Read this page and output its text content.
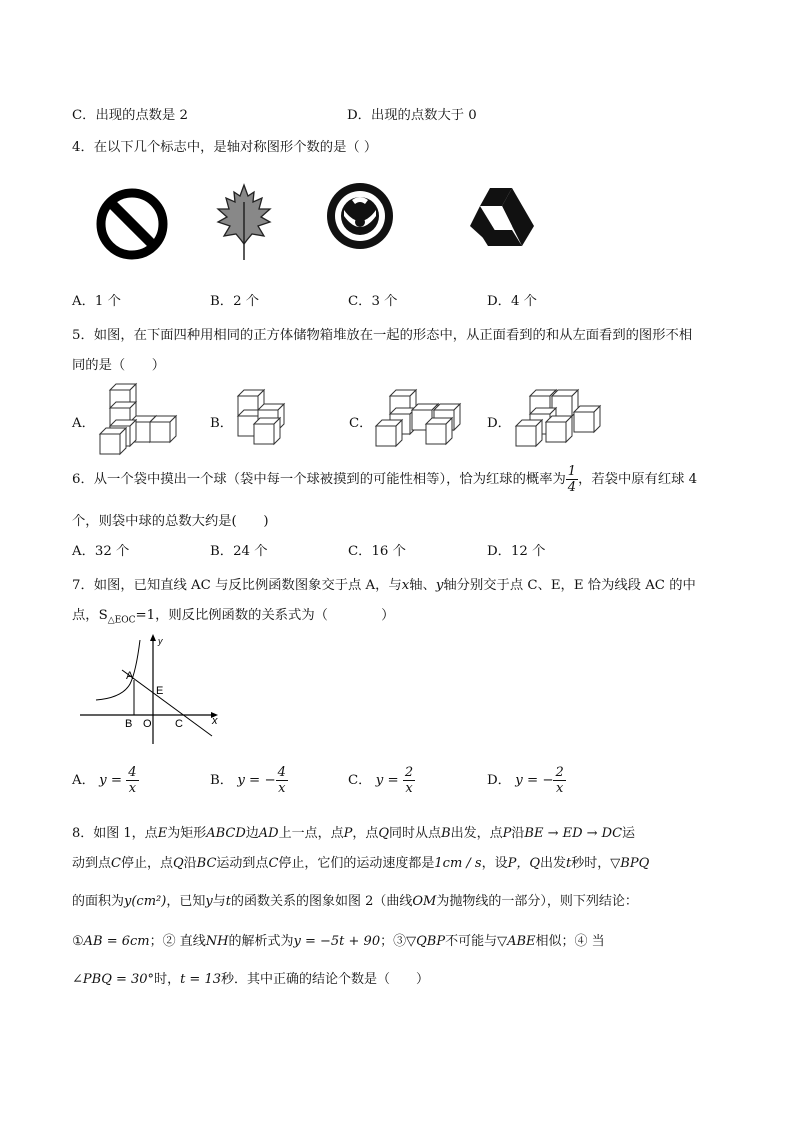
C．出现的点数是 2	D．出现的点数大于 0
4．在以下几个标志中，是轴对称图形个数的是（ ）
A．1 个	B．2 个	C．3 个	D．4 个
5．如图，在下面四种用相同的正方体储物箱堆放在一起的形态中，从正面看到的和从左面看到的图形不相
同的是（　　）
A．	B．	C．	D．
6．从一个袋中摸出一个球（袋中每一个球被摸到的可能性相等），恰为红球的概率为 $\frac{1}{4}$ ，若袋中原有红球 4
个，则袋中球的总数大约是(　　)
A．32 个	B．24 个	C．16 个	D．12 个
7．如图，已知直线 AC 与反比例函数图象交于点 A，与x轴、y轴分别交于点 C、E，E 恰为线段 AC 的中
点，$S_{\triangle EOC}=1$，则反比例函数的关系式为（　　　　）
A
E
B O C	x
y
A． $y = \frac{4}{x}$	B． y = − $\frac{4}{x}$	C． $y = \frac{2}{x}$	D． y = − $\frac{2}{x}$
8．如图 1，点E为矩形ABCD边AD上一点，点P，点Q同时从点B出发，点P沿BE → ED → DC运
动到点C停止，点Q沿BC运动到点C停止，它们的运动速度都是1cm / s，设P，Q出发t秒时，▽BPQ
的面积为y(cm²)，已知y与t的函数关系的图象如图 2（曲线OM为抛物线的一部分），则下列结论：
①AB = 6cm；② 直线NH的解析式为y = −5t + 90；③▽QBP不可能与▽ABE相似；④ 当
∠PBQ = 30°时，t = 13秒．其中正确的结论个数是（　　）
